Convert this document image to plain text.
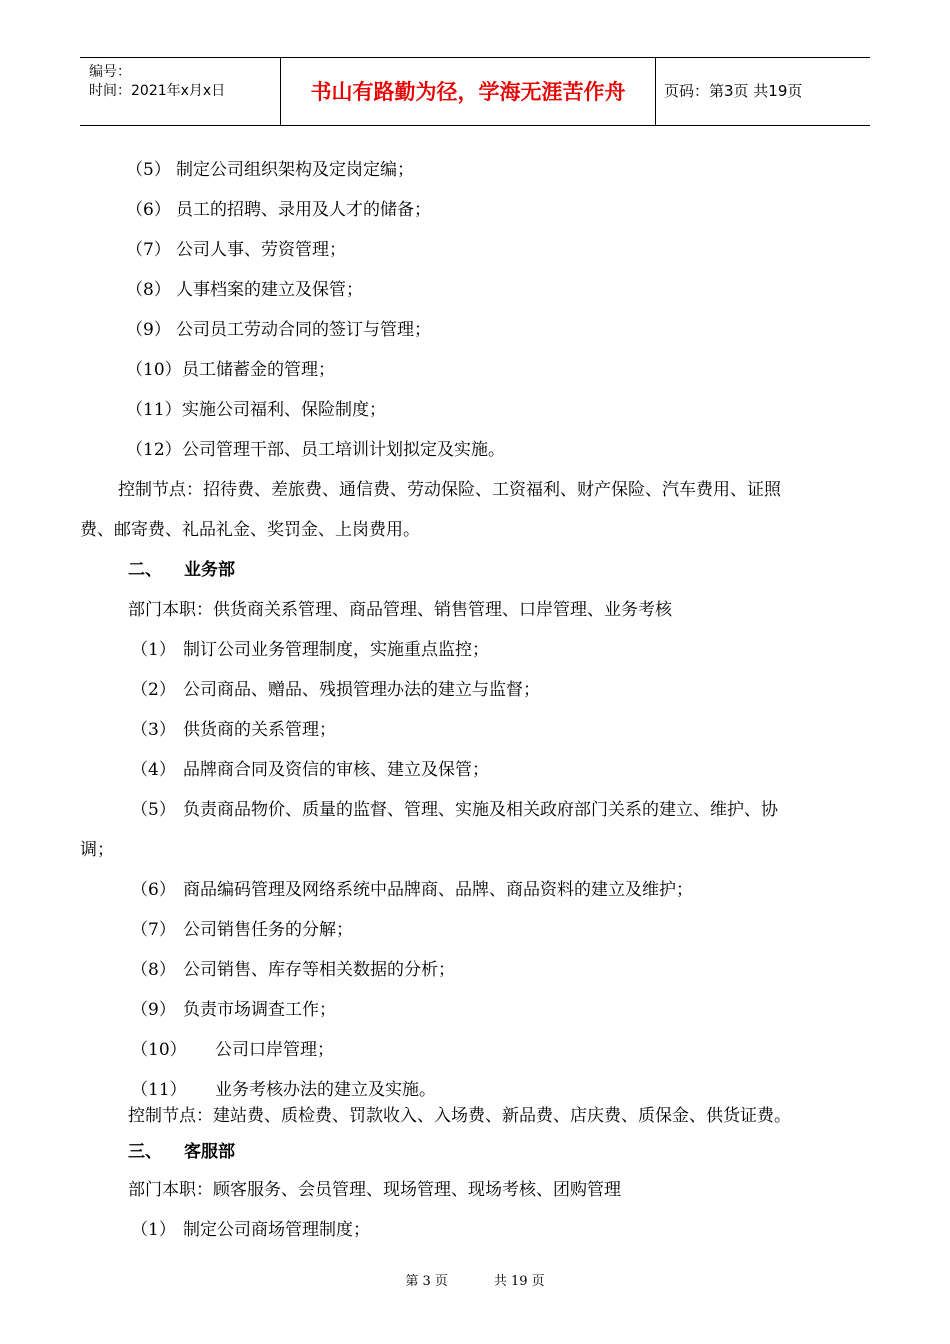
编号：
时间：2021年x月x日	书山有路勤为径，学海无涯苦作舟	页码：第3页 共19页
（5） 制定公司组织架构及定岗定编；
（6） 员工的招聘、录用及人才的储备；
（7） 公司人事、劳资管理；
（8） 人事档案的建立及保管；
（9） 公司员工劳动合同的签订与管理；
（10）员工储蓄金的管理；
（11）实施公司福利、保险制度；
（12）公司管理干部、员工培训计划拟定及实施。
控制节点：招待费、差旅费、通信费、劳动保险、工资福利、财产保险、汽车费用、证照
费、邮寄费、礼品礼金、奖罚金、上岗费用。
二、 业务部
部门本职：供货商关系管理、商品管理、销售管理、口岸管理、业务考核
（1） 制订公司业务管理制度，实施重点监控；
（2） 公司商品、赠品、残损管理办法的建立与监督；
（3） 供货商的关系管理；
（4） 品牌商合同及资信的审核、建立及保管；
（5） 负责商品物价、质量的监督、管理、实施及相关政府部门关系的建立、维护、协
调；
（6） 商品编码管理及网络系统中品牌商、品牌、商品资料的建立及维护；
（7） 公司销售任务的分解；
（8） 公司销售、库存等相关数据的分析；
（9） 负责市场调查工作；
（10） 公司口岸管理；
（11） 业务考核办法的建立及实施。
控制节点：建站费、质检费、罚款收入、入场费、新品费、店庆费、质保金、供货证费。
三、 客服部
部门本职：顾客服务、会员管理、现场管理、现场考核、团购管理
（1） 制定公司商场管理制度；
第 3 页	共 19 页
